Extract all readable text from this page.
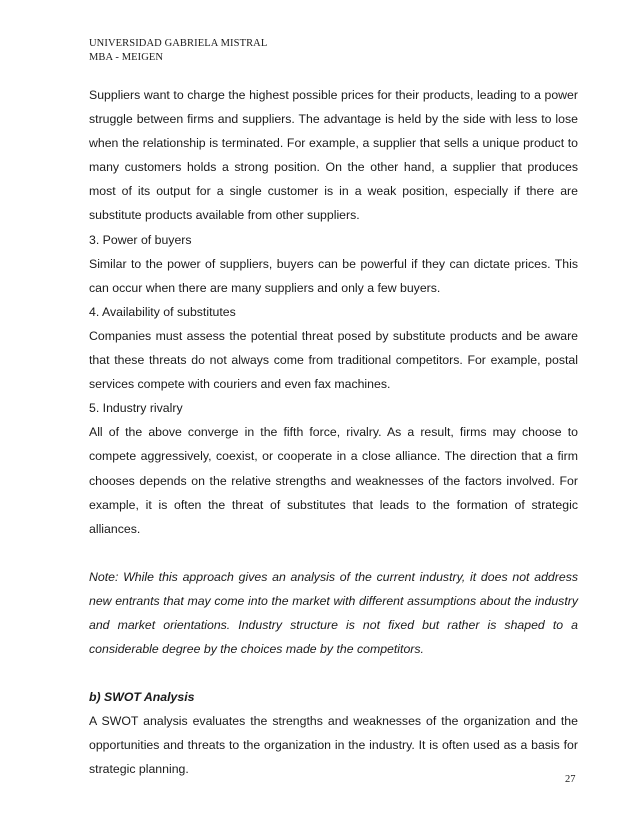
UNIVERSIDAD GABRIELA MISTRAL
MBA - MEIGEN

Suppliers want to charge the highest possible prices for their products, leading to a power struggle between firms and suppliers. The advantage is held by the side with less to lose when the relationship is terminated. For example, a supplier that sells a unique product to many customers holds a strong position. On the other hand, a supplier that produces most of its output for a single customer is in a weak position, especially if there are substitute products available from other suppliers.

3. Power of buyers

Similar to the power of suppliers, buyers can be powerful if they can dictate prices. This can occur when there are many suppliers and only a few buyers.

4. Availability of substitutes

Companies must assess the potential threat posed by substitute products and be aware that these threats do not always come from traditional competitors. For example, postal services compete with couriers and even fax machines.

5. Industry rivalry

All of the above converge in the fifth force, rivalry. As a result, firms may choose to compete aggressively, coexist, or cooperate in a close alliance. The direction that a firm chooses depends on the relative strengths and weaknesses of the factors involved. For example, it is often the threat of substitutes that leads to the formation of strategic alliances.

Note: While this approach gives an analysis of the current industry, it does not address new entrants that may come into the market with different assumptions about the industry and market orientations. Industry structure is not fixed but rather is shaped to a considerable degree by the choices made by the competitors.

b) SWOT Analysis

A SWOT analysis evaluates the strengths and weaknesses of the organization and the opportunities and threats to the organization in the industry. It is often used as a basis for strategic planning.

27
